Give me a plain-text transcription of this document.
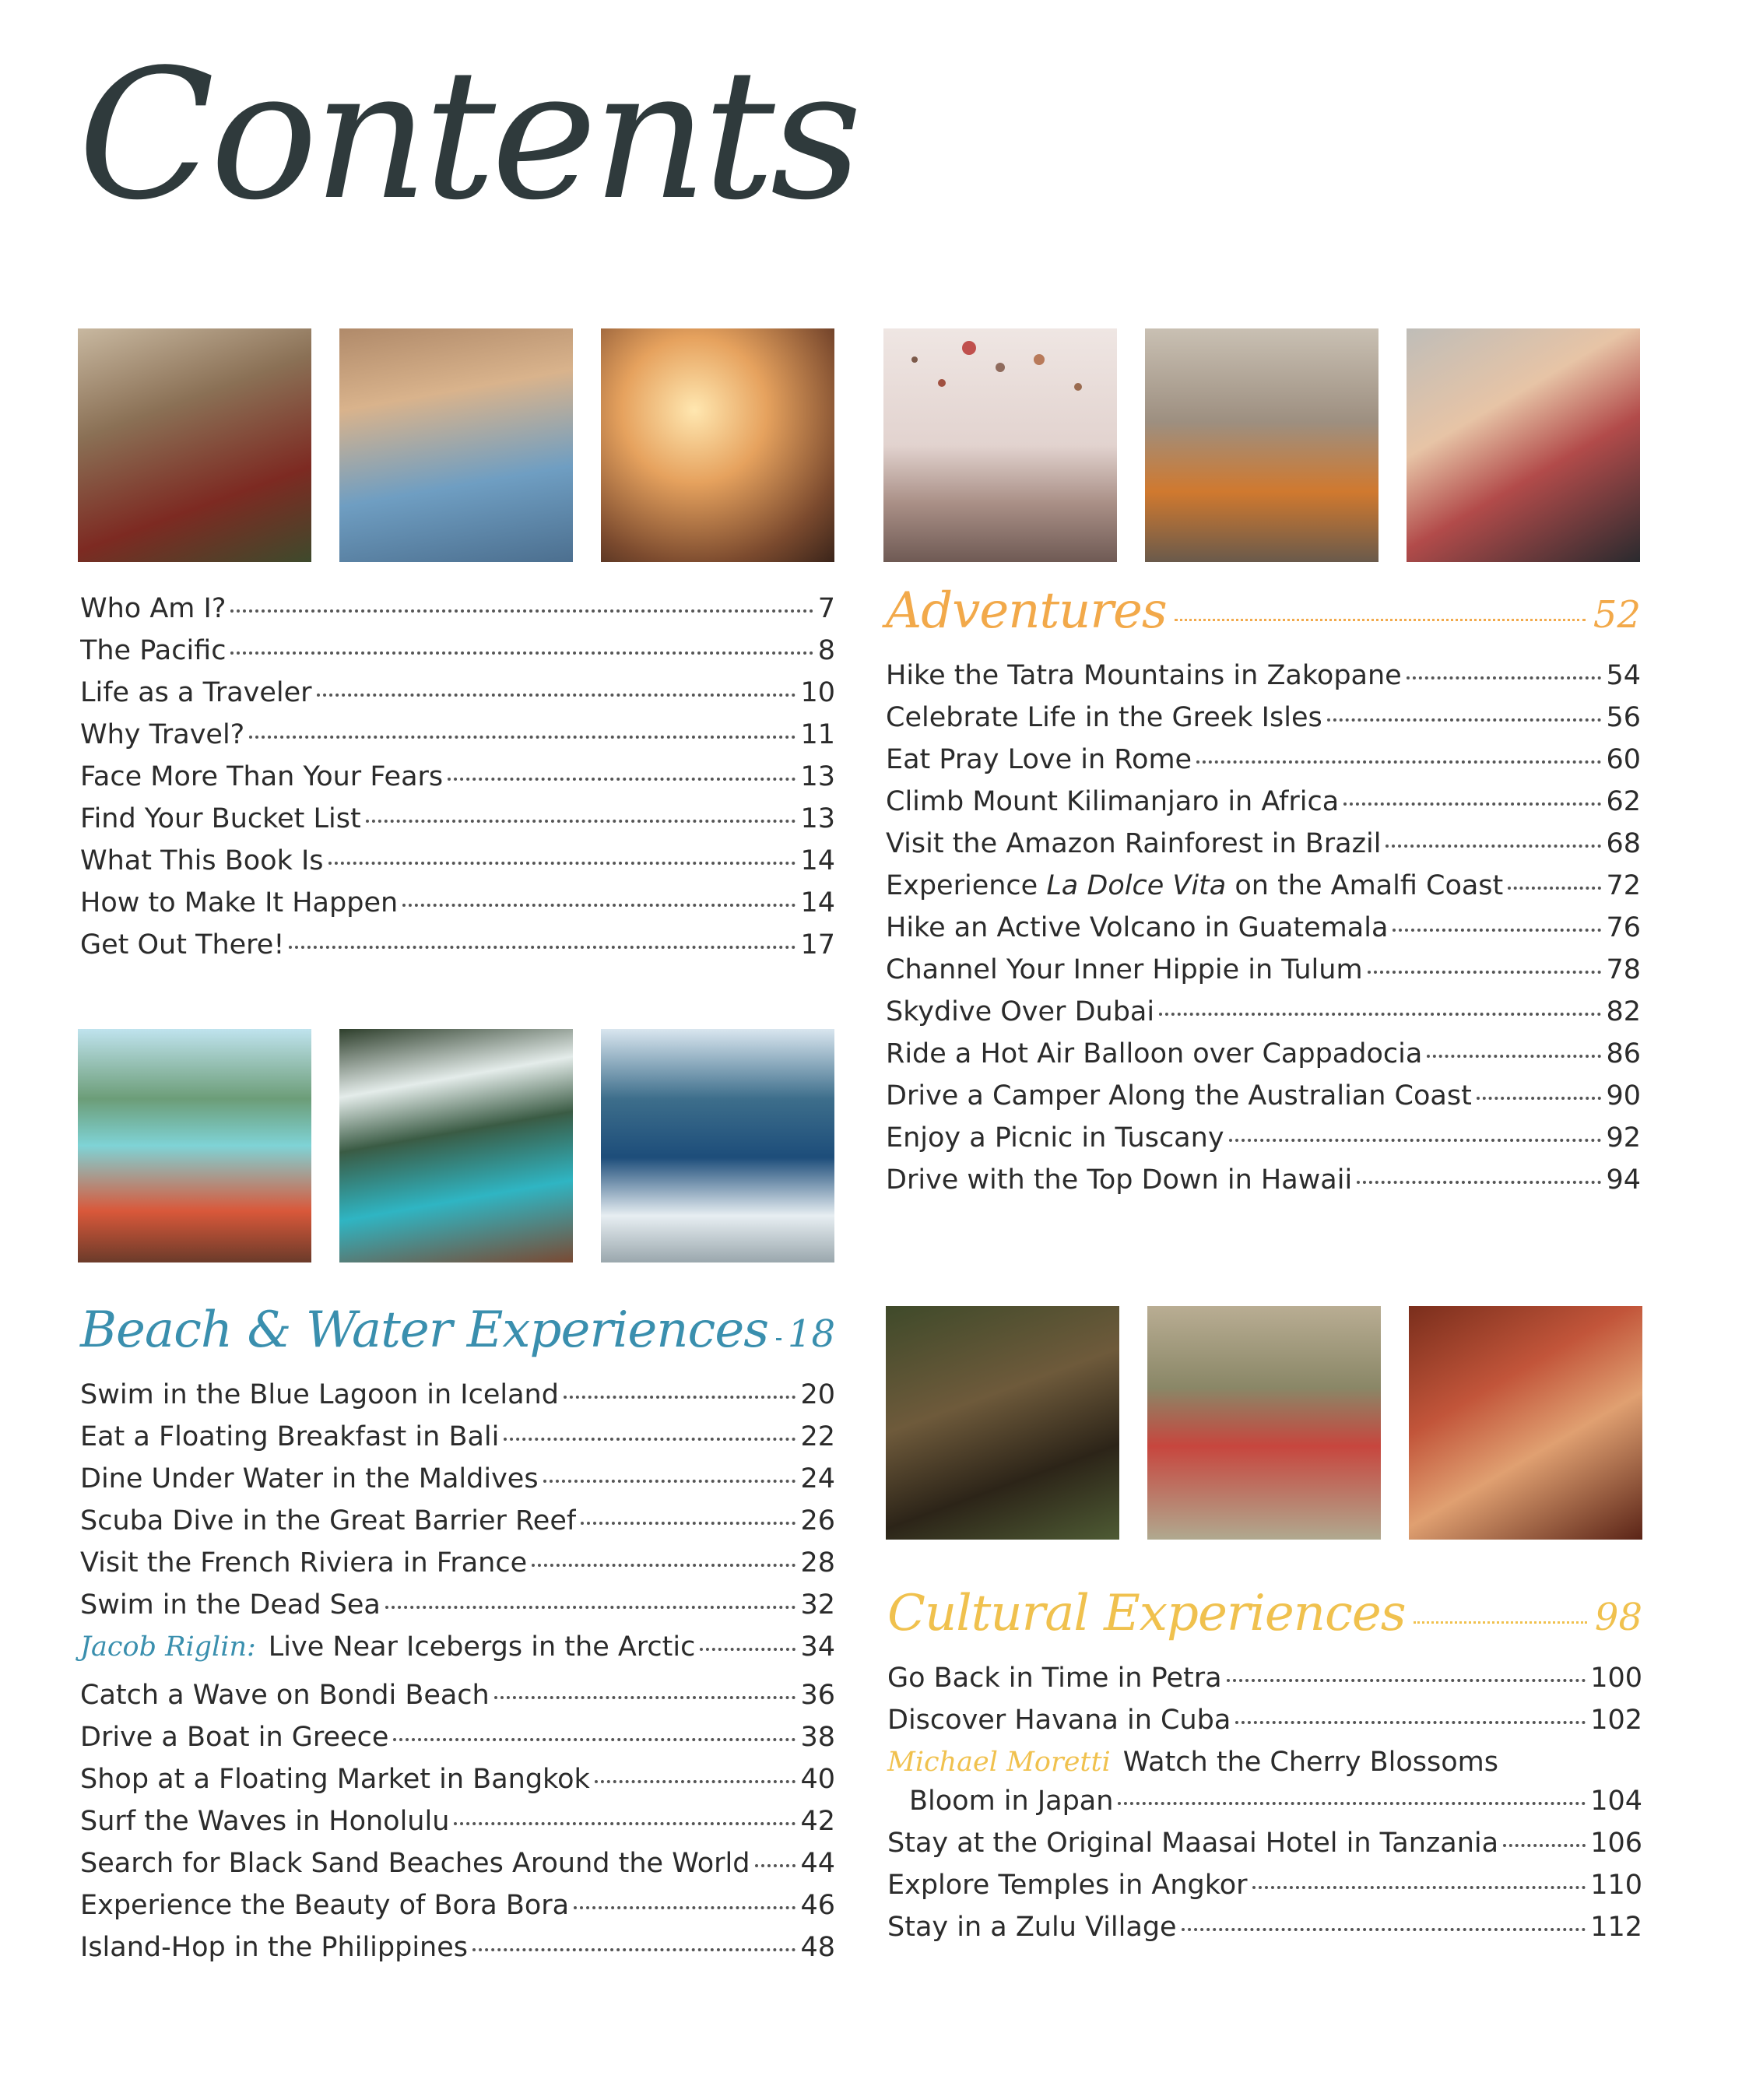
Contents
Who Am I?	7
The Pacific	8
Life as a Traveler	10
Why Travel?	11
Face More Than Your Fears	13
Find Your Bucket List	13
What This Book Is	14
How to Make It Happen	14
Get Out There!	17
Adventures	52
Hike the Tatra Mountains in Zakopane	54
Celebrate Life in the Greek Isles	56
Eat Pray Love in Rome	60
Climb Mount Kilimanjaro in Africa	62
Visit the Amazon Rainforest in Brazil	68
Experience La Dolce Vita on the Amalfi Coast	72
Hike an Active Volcano in Guatemala	76
Channel Your Inner Hippie in Tulum	78
Skydive Over Dubai	82
Ride a Hot Air Balloon over Cappadocia	86
Drive a Camper Along the Australian Coast	90
Enjoy a Picnic in Tuscany	92
Drive with the Top Down in Hawaii	94
Beach & Water Experiences 18
Swim in the Blue Lagoon in Iceland	20
Eat a Floating Breakfast in Bali	22
Dine Under Water in the Maldives	24
Scuba Dive in the Great Barrier Reef	26
Visit the French Riviera in France	28
Swim in the Dead Sea	32
Jacob Riglin: Live Near Icebergs in the Arctic	34
Catch a Wave on Bondi Beach	36
Drive a Boat in Greece	38
Shop at a Floating Market in Bangkok	40
Surf the Waves in Honolulu	42
Search for Black Sand Beaches Around the World 44
Experience the Beauty of Bora Bora	46
Island-Hop in the Philippines	48
Cultural Experiences	98
Go Back in Time in Petra	100
Discover Havana in Cuba	102
Michael Moretti Watch the Cherry Blossoms
Bloom in Japan	104
Stay at the Original Maasai Hotel in Tanzania	106
Explore Temples in Angkor	110
Stay in a Zulu Village	112
